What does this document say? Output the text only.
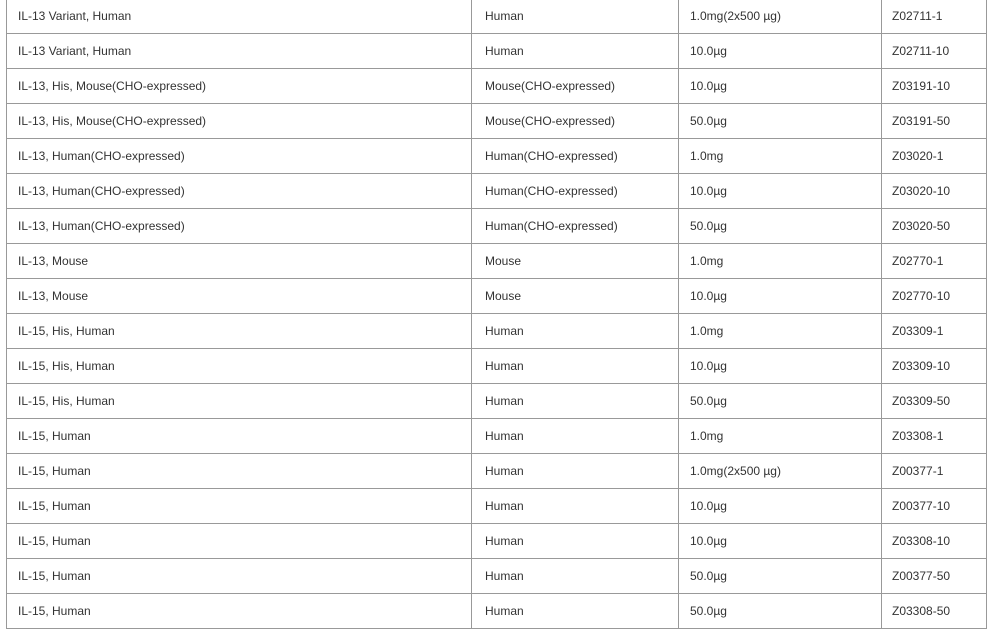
IL-13 Variant, Human	Human	1.0mg(2x500 µg)	Z02711-1
IL-13 Variant, Human	Human	10.0µg	Z02711-10
IL-13, His, Mouse(CHO-expressed)	Mouse(CHO-expressed)	10.0µg	Z03191-10
IL-13, His, Mouse(CHO-expressed)	Mouse(CHO-expressed)	50.0µg	Z03191-50
IL-13, Human(CHO-expressed)	Human(CHO-expressed)	1.0mg	Z03020-1
IL-13, Human(CHO-expressed)	Human(CHO-expressed)	10.0µg	Z03020-10
IL-13, Human(CHO-expressed)	Human(CHO-expressed)	50.0µg	Z03020-50
IL-13, Mouse	Mouse	1.0mg	Z02770-1
IL-13, Mouse	Mouse	10.0µg	Z02770-10
IL-15, His, Human	Human	1.0mg	Z03309-1
IL-15, His, Human	Human	10.0µg	Z03309-10
IL-15, His, Human	Human	50.0µg	Z03309-50
IL-15, Human	Human	1.0mg	Z03308-1
IL-15, Human	Human	1.0mg(2x500 µg)	Z00377-1
IL-15, Human	Human	10.0µg	Z00377-10
IL-15, Human	Human	10.0µg	Z03308-10
IL-15, Human	Human	50.0µg	Z00377-50
IL-15, Human	Human	50.0µg	Z03308-50
